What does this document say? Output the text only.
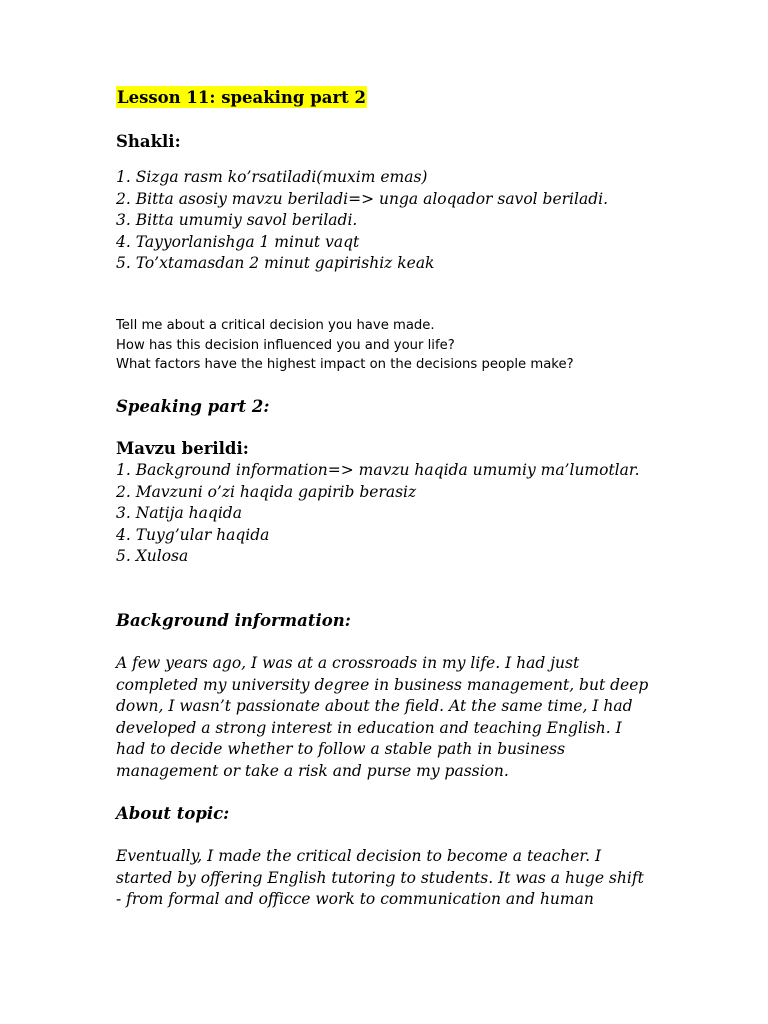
Lesson 11: speaking part 2
Shakli:
1. Sizga rasm ko’rsatiladi(muxim emas)
2. Bitta asosiy mavzu beriladi=> unga aloqador savol beriladi.
3. Bitta umumiy savol beriladi.
4. Tayyorlanishga 1 minut vaqt
5. To’xtamasdan 2 minut gapirishiz keak
Tell me about a critical decision you have made.
How has this decision influenced you and your life?
What factors have the highest impact on the decisions people make?
Speaking part 2:
Mavzu berildi:
1. Background information=> mavzu haqida umumiy ma’lumotlar.
2. Mavzuni o’zi haqida gapirib berasiz
3. Natija haqida
4. Tuyg’ular haqida
5. Xulosa
Background information:
A few years ago, I was at a crossroads in my life. I had just
completed my university degree in business management, but deep
down, I wasn’t passionate about the field. At the same time, I had
developed a strong interest in education and teaching English. I
had to decide whether to follow a stable path in business
management or take a risk and purse my passion.
About topic:
Eventually, I made the critical decision to become a teacher. I
started by offering English tutoring to students. It was a huge shift
- from formal and officce work to communication and human
